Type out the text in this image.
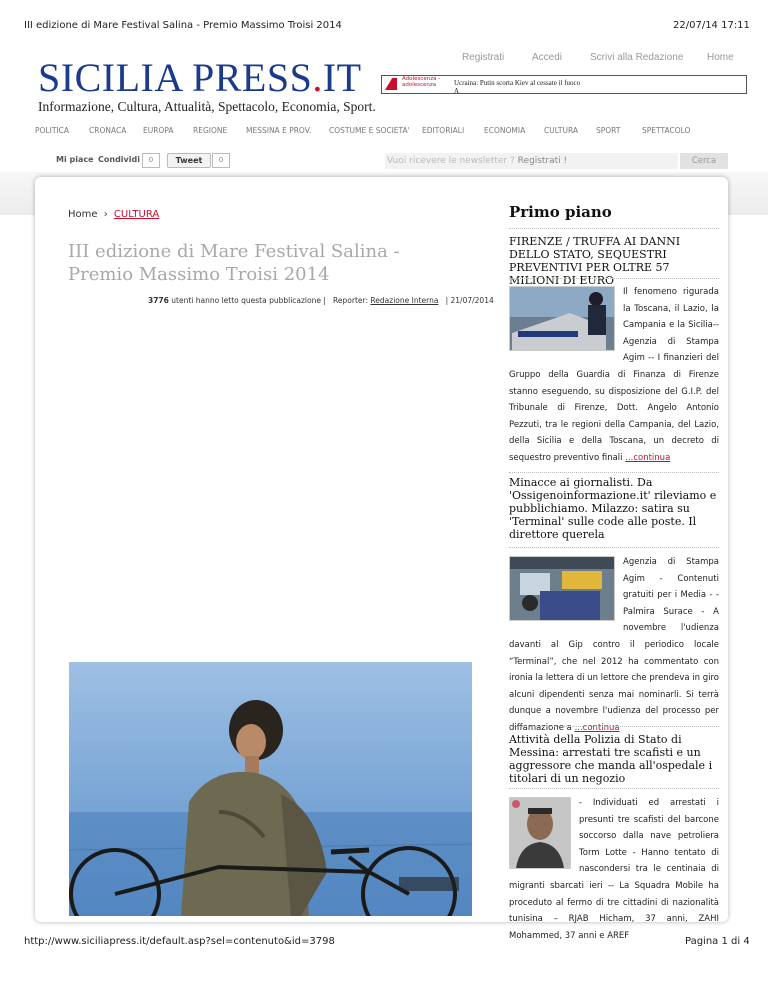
III edizione di Mare Festival Salina - Premio Massimo Troisi 2014	22/07/14 17:11
Registrati	Accedi	Scrivi alla Redazione Home
SICILIA PRESS.IT
Informazione, Cultura, Attualità, Spettacolo, Economia, Sport.
Adolescenza - adolescenza	Ucraina: Putin scorta Kiev al cessate il fuoco
A
POLITICA	CRONACA EUROPA	REGIONE	MESSINA E PROV. COSTUME E SOCIETA' EDITORIALI	ECONOMIA	CULTURA SPORT	SPETTACOLO
Mi piace Condividi	0	Tweet	0	Vuoi ricevere le newsletter ? Registrati !	Cerca
Home › CULTURA
III edizione di Mare Festival Salina - Premio Massimo Troisi 2014
3776 utenti hanno letto questa pubblicazione | Reporter: Redazione Interna | 21/07/2014
Primo piano
FIRENZE / TRUFFA AI DANNI DELLO STATO, SEQUESTRI PREVENTIVI PER OLTRE 57 MILIONI DI EURO
Il fenomeno rigurada la Toscana, il Lazio, la Campania e la Sicilia-- Agenzia di Stampa Agim -- I finanzieri del Gruppo della Guardia di Finanza di Firenze stanno eseguendo, su disposizione del G.I.P. del Tribunale di Firenze, Dott. Angelo Antonio Pezzuti, tra le regioni della Campania, del Lazio, della Sicilia e della Toscana, un decreto di sequestro preventivo finali ...continua
Minacce ai giornalisti. Da 'Ossigenoinformazione.it' rileviamo e pubblichiamo. Milazzo: satira su 'Terminal' sulle code alle poste. Il direttore querela
Agenzia di Stampa Agim - Contenuti gratuiti per i Media - - Palmira Surace - A novembre l'udienza davanti al Gip contro il periodico locale “Terminal”, che nel 2012 ha commentato con ironia la lettera di un lettore che prendeva in giro alcuni dipendenti senza mai nominarli. Si terrà dunque a novembre l'udienza del processo per diffamazione a ...continua
Attività della Polizia di Stato di Messina: arrestati tre scafisti e un aggressore che manda all'ospedale i titolari di un negozio
- Individuati ed arrestati i presunti tre scafisti del barcone soccorso dalla nave petroliera Torm Lotte - Hanno tentato di nascondersi tra le centinaia di migranti sbarcati ieri -- La Squadra Mobile ha proceduto al fermo di tre cittadini di nazionalità tunisina – RJAB Hicham, 37 anni, ZAHI Mohammed, 37 anni e AREF
http://www.siciliapress.it/default.asp?sel=contenuto&id=3798	Pagina 1 di 4
